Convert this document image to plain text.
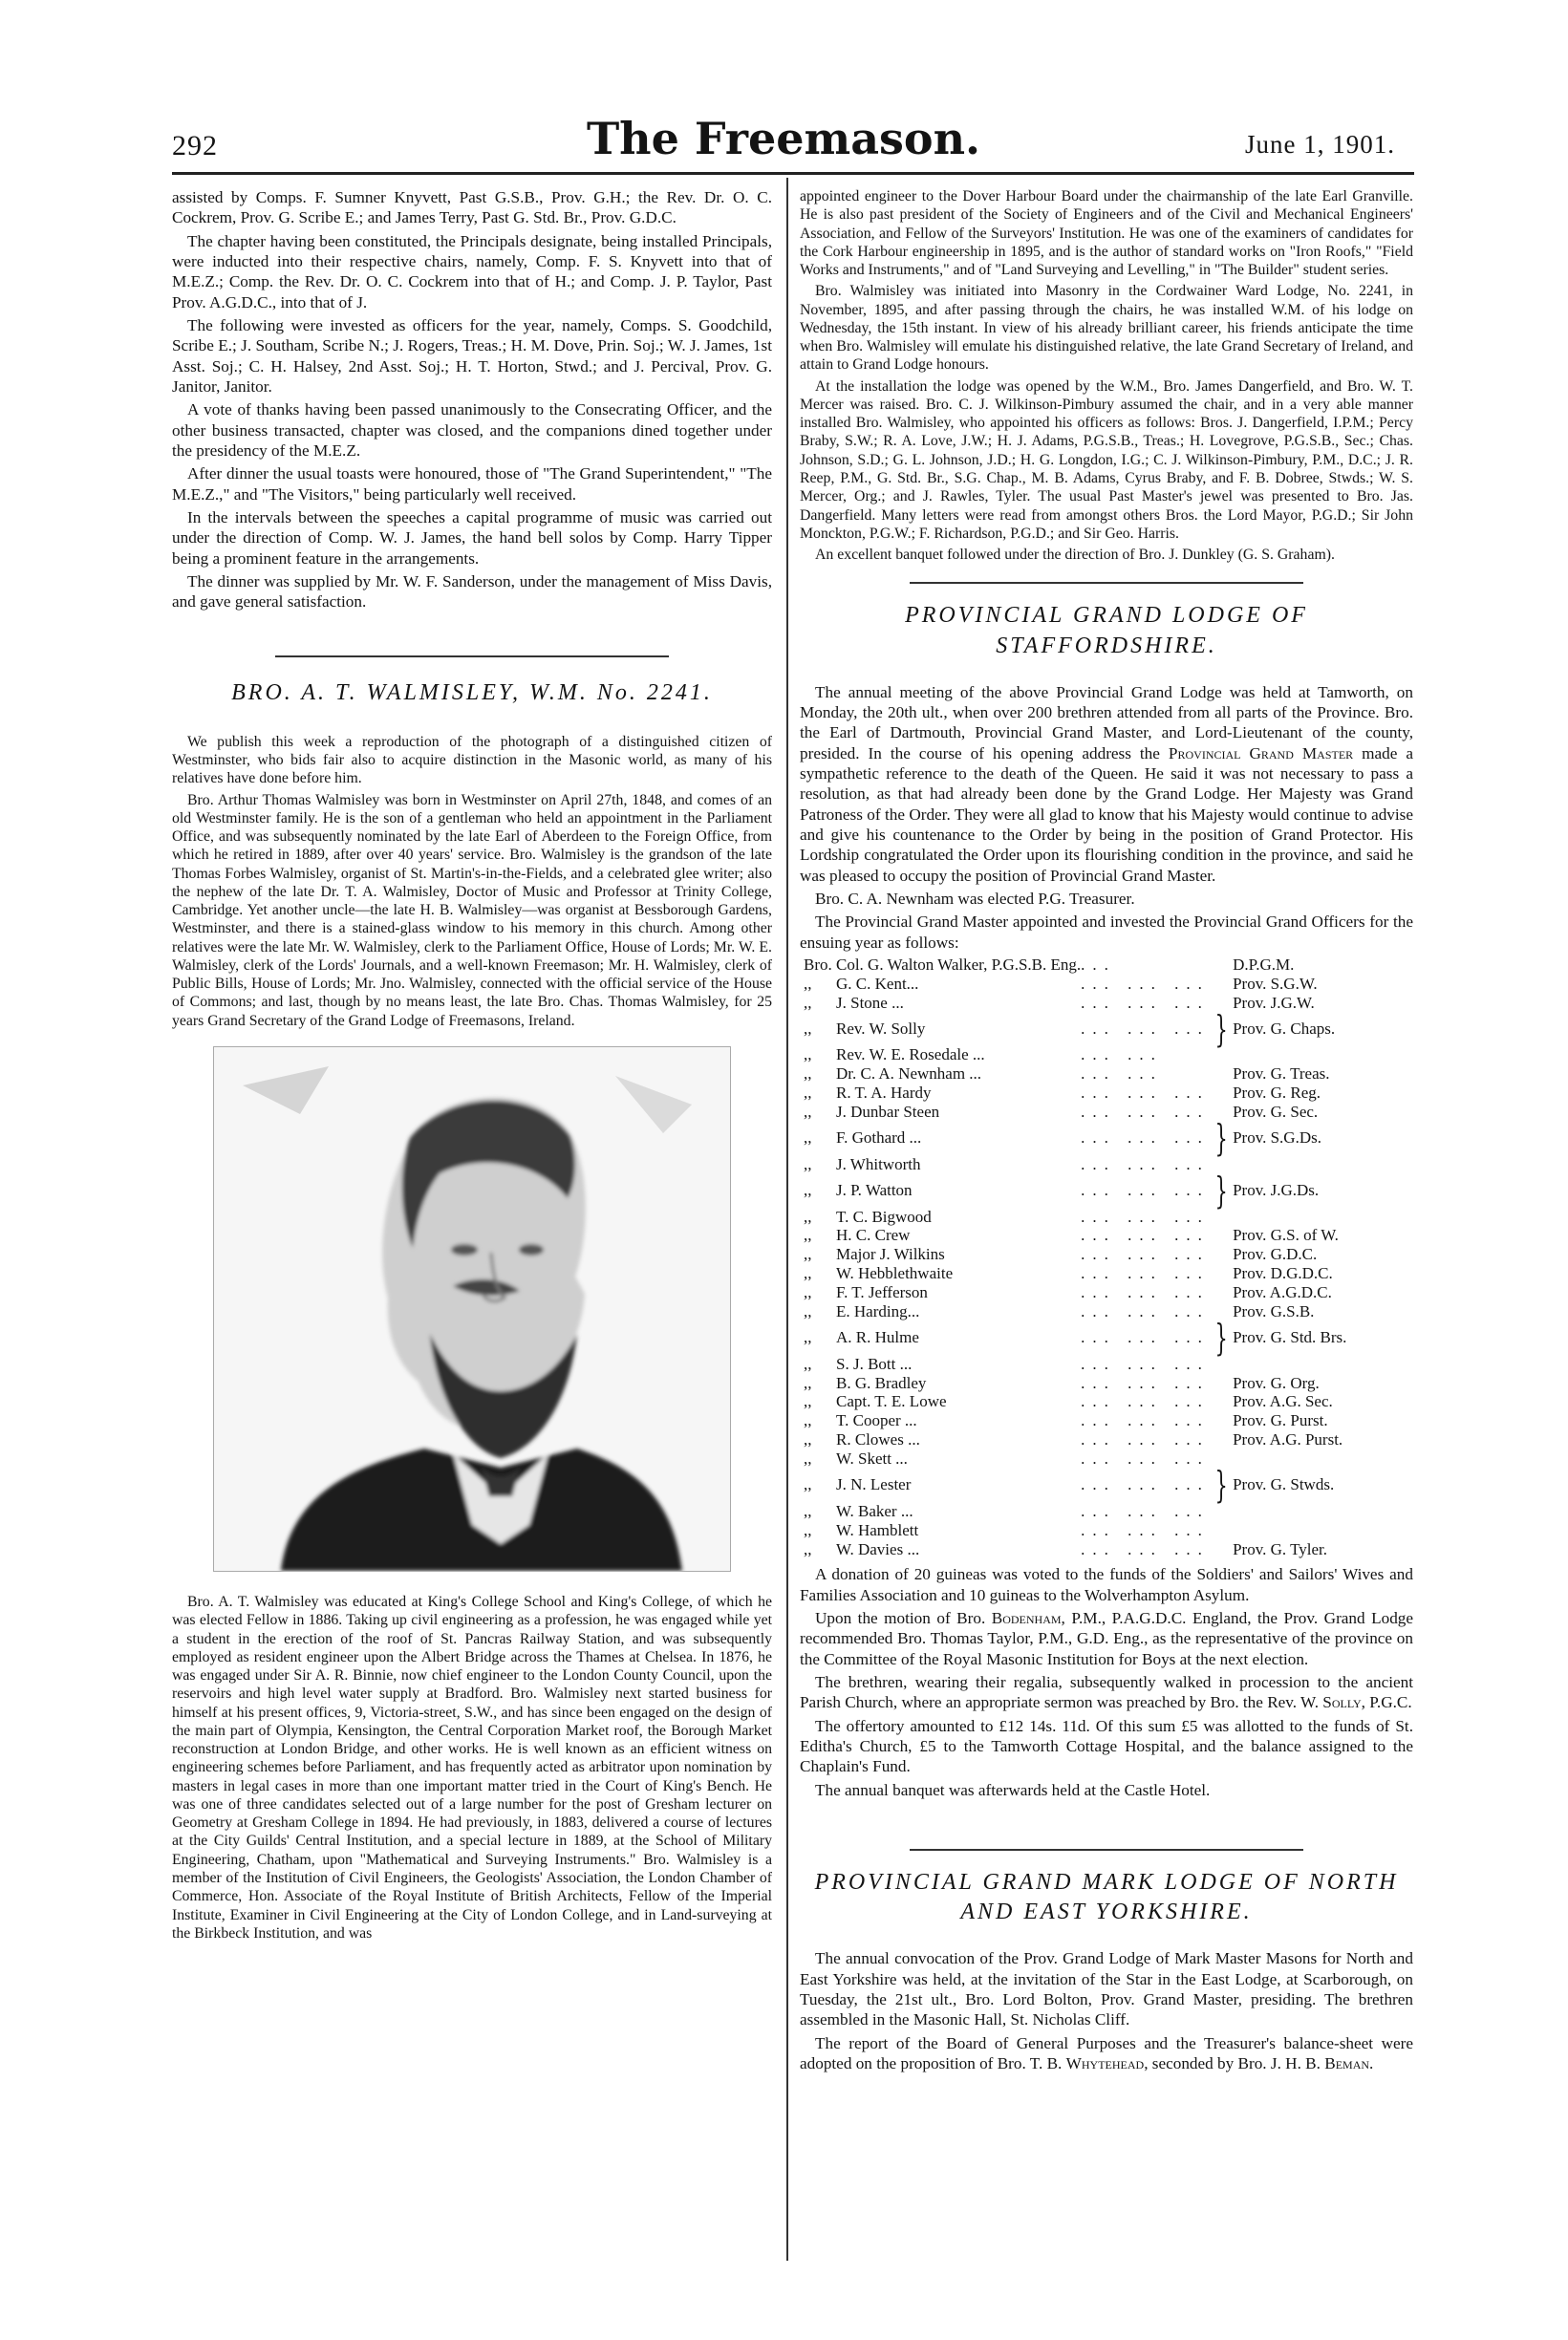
292	The Freemason.	June 1, 1901.

assisted by Comps. F. Sumner Knyvett, Past G.S.B., Prov. G.H.; the Rev. Dr. O. C. Cockrem, Prov. G. Scribe E.; and James Terry, Past G. Std. Br., Prov. G.D.C.

The chapter having been constituted, the Principals designate, being installed Principals, were inducted into their respective chairs, namely, Comp. F. S. Knyvett into that of M.E.Z.; Comp. the Rev. Dr. O. C. Cockrem into that of H.; and Comp. J. P. Taylor, Past Prov. A.G.D.C., into that of J.

The following were invested as officers for the year, namely, Comps. S. Goodchild, Scribe E.; J. Southam, Scribe N.; J. Rogers, Treas.; H. M. Dove, Prin. Soj.; W. J. James, 1st Asst. Soj.; C. H. Halsey, 2nd Asst. Soj.; H. T. Horton, Stwd.; and J. Percival, Prov. G. Janitor, Janitor.

A vote of thanks having been passed unanimously to the Consecrating Officer, and the other business transacted, chapter was closed, and the companions dined together under the presidency of the M.E.Z.

After dinner the usual toasts were honoured, those of "The Grand Superintendent," "The M.E.Z.," and "The Visitors," being particularly well received.

In the intervals between the speeches a capital programme of music was carried out under the direction of Comp. W. J. James, the hand bell solos by Comp. Harry Tipper being a prominent feature in the arrangements.

The dinner was supplied by Mr. W. F. Sanderson, under the management of Miss Davis, and gave general satisfaction.

BRO. A. T. WALMISLEY, W.M. No. 2241.

We publish this week a reproduction of the photograph of a distinguished citizen of Westminster, who bids fair also to acquire distinction in the Masonic world, as many of his relatives have done before him.

Bro. Arthur Thomas Walmisley was born in Westminster on April 27th, 1848, and comes of an old Westminster family. He is the son of a gentleman who held an appointment in the Parliament Office, and was subsequently nominated by the late Earl of Aberdeen to the Foreign Office, from which he retired in 1889, after over 40 years' service. Bro. Walmisley is the grandson of the late Thomas Forbes Walmisley, organist of St. Martin's-in-the-Fields, and a celebrated glee writer; also the nephew of the late Dr. T. A. Walmisley, Doctor of Music and Professor at Trinity College, Cambridge. Yet another uncle—the late H. B. Walmisley—was organist at Bessborough Gardens, Westminster, and there is a stained-glass window to his memory in this church. Among other relatives were the late Mr. W. Walmisley, clerk to the Parliament Office, House of Lords; Mr. W. E. Walmisley, clerk of the Lords' Journals, and a well-known Freemason; Mr. H. Walmisley, clerk of Public Bills, House of Lords; Mr. Jno. Walmisley, connected with the official service of the House of Commons; and last, though by no means least, the late Bro. Chas. Thomas Walmisley, for 25 years Grand Secretary of the Grand Lodge of Freemasons, Ireland.

Bro. A. T. Walmisley was educated at King's College School and King's College, of which he was elected Fellow in 1886. Taking up civil engineering as a profession, he was engaged while yet a student in the erection of the roof of St. Pancras Railway Station, and was subsequently employed as resident engineer upon the Albert Bridge across the Thames at Chelsea. In 1876, he was engaged under Sir A. R. Binnie, now chief engineer to the London County Council, upon the reservoirs and high level water supply at Bradford. Bro. Walmisley next started business for himself at his present offices, 9, Victoria-street, S.W., and has since been engaged on the design of the main part of Olympia, Kensington, the Central Corporation Market roof, the Borough Market reconstruction at London Bridge, and other works. He is well known as an efficient witness on engineering schemes before Parliament, and has frequently acted as arbitrator upon nomination by masters in legal cases in more than one important matter tried in the Court of King's Bench. He was one of three candidates selected out of a large number for the post of Gresham lecturer on Geometry at Gresham College in 1894. He had previously, in 1883, delivered a course of lectures at the City Guilds' Central Institution, and a special lecture in 1889, at the School of Military Engineering, Chatham, upon "Mathematical and Surveying Instruments." Bro. Walmisley is a member of the Institution of Civil Engineers, the Geologists' Association, the London Chamber of Commerce, Hon. Associate of the Royal Institute of British Architects, Fellow of the Imperial Institute, Examiner in Civil Engineering at the City of London College, and in Land-surveying at the Birkbeck Institution, and was

appointed engineer to the Dover Harbour Board under the chairmanship of the late Earl Granville. He is also past president of the Society of Engineers and of the Civil and Mechanical Engineers' Association, and Fellow of the Surveyors' Institution. He was one of the examiners of candidates for the Cork Harbour engineership in 1895, and is the author of standard works on "Iron Roofs," "Field Works and Instruments," and of "Land Surveying and Levelling," in "The Builder" student series.

Bro. Walmisley was initiated into Masonry in the Cordwainer Ward Lodge, No. 2241, in November, 1895, and after passing through the chairs, he was installed W.M. of his lodge on Wednesday, the 15th instant. In view of his already brilliant career, his friends anticipate the time when Bro. Walmisley will emulate his distinguished relative, the late Grand Secretary of Ireland, and attain to Grand Lodge honours.

At the installation the lodge was opened by the W.M., Bro. James Dangerfield, and Bro. W. T. Mercer was raised. Bro. C. J. Wilkinson-Pimbury assumed the chair, and in a very able manner installed Bro. Walmisley, who appointed his officers as follows: Bros. J. Dangerfield, I.P.M.; Percy Braby, S.W.; R. A. Love, J.W.; H. J. Adams, P.G.S.B., Treas.; H. Lovegrove, P.G.S.B., Sec.; Chas. Johnson, S.D.; G. L. Johnson, J.D.; H. G. Longdon, I.G.; C. J. Wilkinson-Pimbury, P.M., D.C.; J. R. Reep, P.M., G. Std. Br., S.G. Chap., M. B. Adams, Cyrus Braby, and F. B. Dobree, Stwds.; W. S. Mercer, Org.; and J. Rawles, Tyler. The usual Past Master's jewel was presented to Bro. Jas. Dangerfield. Many letters were read from amongst others Bros. the Lord Mayor, P.G.D.; Sir John Monckton, P.G.W.; F. Richardson, P.G.D.; and Sir Geo. Harris.

An excellent banquet followed under the direction of Bro. J. Dunkley (G. S. Graham).

PROVINCIAL GRAND LODGE OF STAFFORDSHIRE.

The annual meeting of the above Provincial Grand Lodge was held at Tamworth, on Monday, the 20th ult., when over 200 brethren attended from all parts of the Province. Bro. the Earl of Dartmouth, Provincial Grand Master, and Lord-Lieutenant of the county, presided. In the course of his opening address the Provincial Grand Master made a sympathetic reference to the death of the Queen. He said it was not necessary to pass a resolution, as that had already been done by the Grand Lodge. Her Majesty was Grand Patroness of the Order. They were all glad to know that his Majesty would continue to advise and give his countenance to the Order by being in the position of Grand Protector. His Lordship congratulated the Order upon its flourishing condition in the province, and said he was pleased to occupy the position of Provincial Grand Master.

Bro. C. A. Newnham was elected P.G. Treasurer.

The Provincial Grand Master appointed and invested the Provincial Grand Officers for the ensuing year as follows:

Bro.	Col. G. Walton Walker, P.G.S.B. Eng.	...		D.P.G.M.
,,	G. C. Kent...	... ... ...		Prov. S.G.W.
,,	J. Stone ...	... ... ...		Prov. J.G.W.
,,	Rev. W. Solly	... ... ...	}	Prov. G. Chaps.
,,	Rev. W. E. Rosedale ...	... ...		
,,	Dr. C. A. Newnham ...	... ...		Prov. G. Treas.
,,	R. T. A. Hardy	... ... ...		Prov. G. Reg.
,,	J. Dunbar Steen	... ... ...		Prov. G. Sec.
,,	F. Gothard ...	... ... ...	}	Prov. S.G.Ds.
,,	J. Whitworth	... ... ...		
,,	J. P. Watton	... ... ...	}	Prov. J.G.Ds.
,,	T. C. Bigwood	... ... ...		
,,	H. C. Crew	... ... ...		Prov. G.S. of W.
,,	Major J. Wilkins	... ... ...		Prov. G.D.C.
,,	W. Hebblethwaite	... ... ...		Prov. D.G.D.C.
,,	F. T. Jefferson	... ... ...		Prov. A.G.D.C.
,,	E. Harding...	... ... ...		Prov. G.S.B.
,,	A. R. Hulme	... ... ...	}	Prov. G. Std. Brs.
,,	S. J. Bott ...	... ... ...		
,,	B. G. Bradley	... ... ...		Prov. G. Org.
,,	Capt. T. E. Lowe	... ... ...		Prov. A.G. Sec.
,,	T. Cooper ...	... ... ...		Prov. G. Purst.
,,	R. Clowes ...	... ... ...		Prov. A.G. Purst.
,,	W. Skett ...	... ... ...		
,,	J. N. Lester	... ... ...	}	Prov. G. Stwds.
,,	W. Baker ...	... ... ...		
,,	W. Hamblett	... ... ...		
,,	W. Davies ...	... ... ...		Prov. G. Tyler.

A donation of 20 guineas was voted to the funds of the Soldiers' and Sailors' Wives and Families Association and 10 guineas to the Wolverhampton Asylum.

Upon the motion of Bro. Bodenham, P.M., P.A.G.D.C. England, the Prov. Grand Lodge recommended Bro. Thomas Taylor, P.M., G.D. Eng., as the representative of the province on the Committee of the Royal Masonic Institution for Boys at the next election.

The brethren, wearing their regalia, subsequently walked in procession to the ancient Parish Church, where an appropriate sermon was preached by Bro. the Rev. W. Solly, P.G.C.

The offertory amounted to £12 14s. 11d. Of this sum £5 was allotted to the funds of St. Editha's Church, £5 to the Tamworth Cottage Hospital, and the balance assigned to the Chaplain's Fund.

The annual banquet was afterwards held at the Castle Hotel.

PROVINCIAL GRAND MARK LODGE OF NORTH

AND EAST YORKSHIRE.

The annual convocation of the Prov. Grand Lodge of Mark Master Masons for North and East Yorkshire was held, at the invitation of the Star in the East Lodge, at Scarborough, on Tuesday, the 21st ult., Bro. Lord Bolton, Prov. Grand Master, presiding. The brethren assembled in the Masonic Hall, St. Nicholas Cliff.

The report of the Board of General Purposes and the Treasurer's balance-sheet were adopted on the proposition of Bro. T. B. Whytehead, seconded by Bro. J. H. B. Beman.
